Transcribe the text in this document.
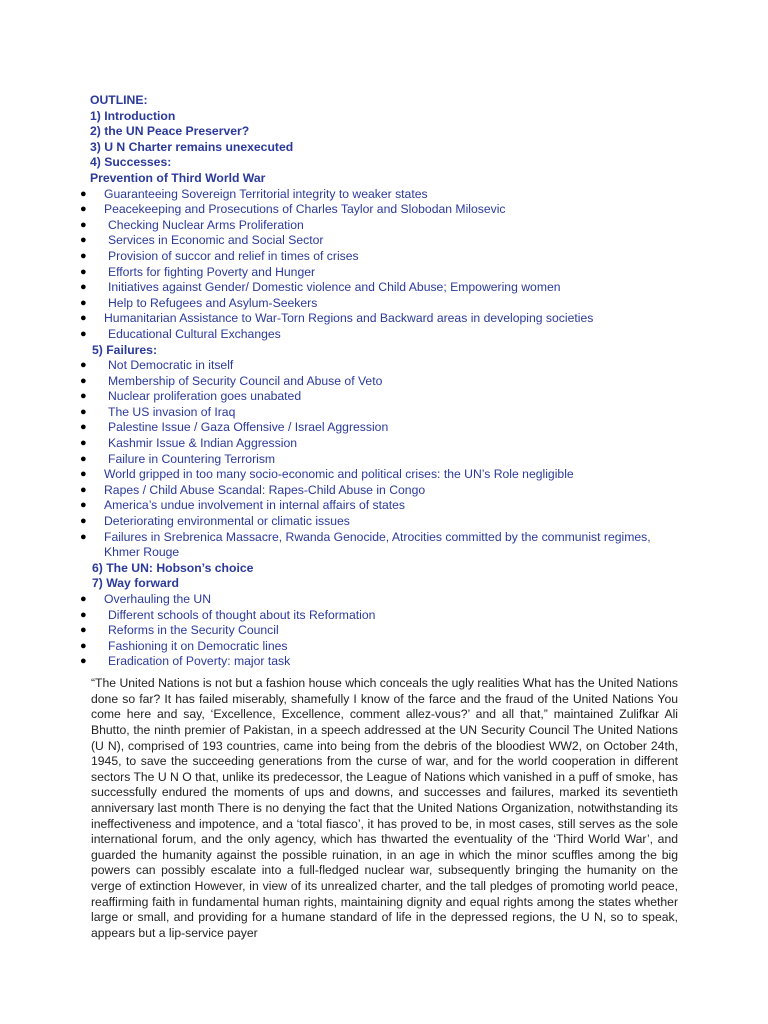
OUTLINE:
1) Introduction
2) the UN Peace Preserver?
3) U N Charter remains unexecuted
4) Successes:
Prevention of Third World War
●	Guaranteeing Sovereign Territorial integrity to weaker states
●	Peacekeeping and Prosecutions of Charles Taylor and Slobodan Milosevic
●	Checking Nuclear Arms Proliferation
●	Services in Economic and Social Sector
●	Provision of succor and relief in times of crises
●	Efforts for fighting Poverty and Hunger
●	Initiatives against Gender/ Domestic violence and Child Abuse; Empowering women
●	Help to Refugees and Asylum-Seekers
●	Humanitarian Assistance to War-Torn Regions and Backward areas in developing societies
●	Educational Cultural Exchanges
5) Failures:
●	Not Democratic in itself
●	Membership of Security Council and Abuse of Veto
●	Nuclear proliferation goes unabated
●	The US invasion of Iraq
●	Palestine Issue / Gaza Offensive / Israel Aggression
●	Kashmir Issue & Indian Aggression
●	Failure in Countering Terrorism
●	World gripped in too many socio-economic and political crises: the UN’s Role negligible
●	Rapes / Child Abuse Scandal: Rapes-Child Abuse in Congo
●	America’s undue involvement in internal affairs of states
●	Deteriorating environmental or climatic issues
●	Failures in Srebrenica Massacre, Rwanda Genocide, Atrocities committed by the communist regimes, Khmer Rouge
6) The UN: Hobson’s choice
7) Way forward
●	Overhauling the UN
●	Different schools of thought about its Reformation
●	Reforms in the Security Council
●	Fashioning it on Democratic lines
●	Eradication of Poverty: major task

“The United Nations is not but a fashion house which conceals the ugly realities What has the United Nations done so far? It has failed miserably, shamefully I know of the farce and the fraud of the United Nations You come here and say, ‘Excellence, Excellence, comment allez-vous?’ and all that,” maintained Zulifkar Ali Bhutto, the ninth premier of Pakistan, in a speech addressed at the UN Security Council The United Nations (U N), comprised of 193 countries, came into being from the debris of the bloodiest WW2, on October 24th, 1945, to save the succeeding generations from the curse of war, and for the world cooperation in different sectors The U N O that, unlike its predecessor, the League of Nations which vanished in a puff of smoke, has successfully endured the moments of ups and downs, and successes and failures, marked its seventieth anniversary last month There is no denying the fact that the United Nations Organization, notwithstanding its ineffectiveness and impotence, and a ‘total fiasco’, it has proved to be, in most cases, still serves as the sole international forum, and the only agency, which has thwarted the eventuality of the ‘Third World War’, and guarded the humanity against the possible ruination, in an age in which the minor scuffles among the big powers can possibly escalate into a full-fledged nuclear war, subsequently bringing the humanity on the verge of extinction However, in view of its unrealized charter, and the tall pledges of promoting world peace, reaffirming faith in fundamental human rights, maintaining dignity and equal rights among the states whether large or small, and providing for a humane standard of life in the depressed regions, the U N, so to speak, appears but a lip-service payer
